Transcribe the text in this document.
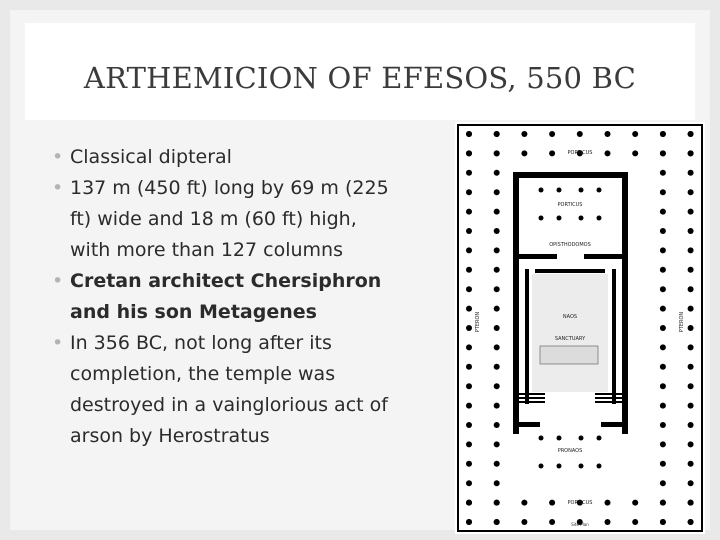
ARTHEMICION OF EFESOS, 550 BC
• Classical dipteral
• 137 m (450 ft) long by 69 m (225 ft) wide and 18 m (60 ft) high, with more than 127 columns
• Cretan architect Chersiphron and his son Metagenes
• In 356 BC, not long after its completion, the temple was destroyed in a vainglorious act of arson by Herostratus
PORTICUS
PORTICUS
OPISTHODOMOS
NAOS
SANCTUARY
PRONAOS
PORTICUS
Site Plan
PTERON	PTERON
